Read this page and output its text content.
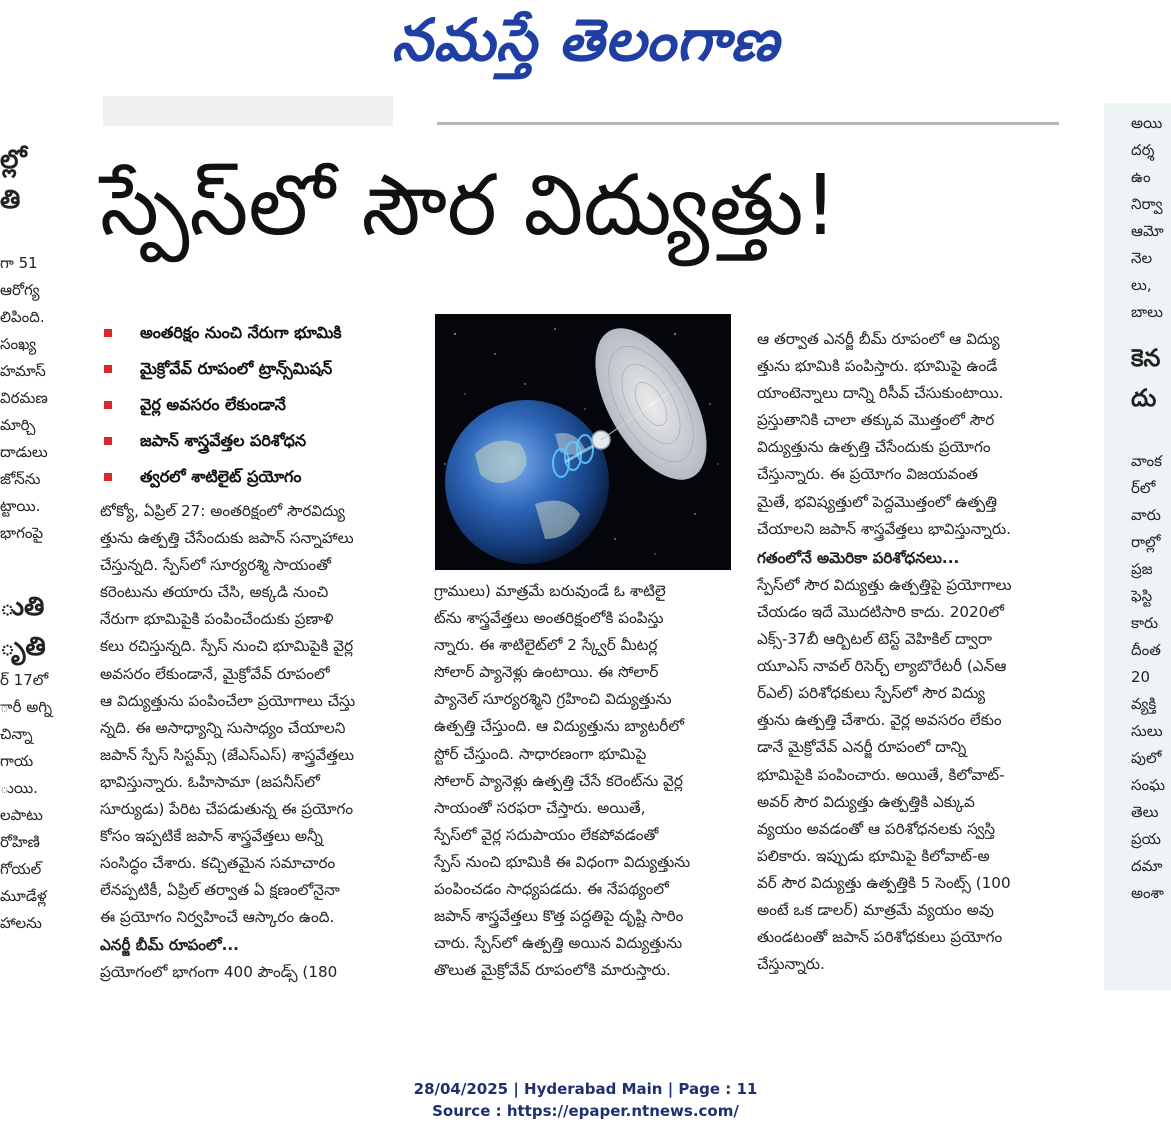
నమస్తే తెలంగాణ
ల్లో
తి
గా 51
ఆరోగ్య
లిపింది.
సంఖ్య
హమాస్
విరమణ
మార్చి
దాడులు
జోన్‌ను
ట్టాయి.
భాగంపై
ుతి
ృతి
ర్ 17లో
ారీ అగ్ని
చిన్నా
గాయ
ుయి.
లపాటు
రోహిణి
గోయల్
మూడేళ్ల
హాలను
అయి
దర్శ
ఉం
నిర్వా
ఆమో
నెల
లు,
బాలు
కెన
దు
వాంక
ర్‌లో
వారు
రాల్లో
ప్రజ
ఫెస్టి
కారు
దీంత
20
వ్యక్తి
సులు
పులో
సంఘ
తెలు
ప్రయ
దమా
అంశా
స్పేస్‌లో సౌర విద్యుత్తు!
అంతరిక్షం నుంచి నేరుగా భూమికి
మైక్రోవేవ్ రూపంలో ట్రాన్స్‌మిషన్
వైర్ల అవసరం లేకుండానే
జపాన్ శాస్త్రవేత్తల పరిశోధన
త్వరలో శాటిలైట్ ప్రయోగం

టోక్యో, ఏప్రిల్ 27: అంతరిక్షంలో సౌరవిద్యు

త్తును ఉత్పత్తి చేసేందుకు జపాన్ సన్నాహాలు

చేస్తున్నది. స్పేస్‌లో సూర్యరశ్మి సాయంతో

కరెంటును తయారు చేసి, అక్కడి నుంచి

నేరుగా భూమిపైకి పంపించేందుకు ప్రణాళి

కలు రచిస్తున్నది. స్పేస్ నుంచి భూమిపైకి వైర్ల

అవసరం లేకుండానే, మైక్రోవేవ్ రూపంలో

ఆ విద్యుత్తును పంపించేలా ప్రయోగాలు చేస్తు

న్నది. ఈ అసాధ్యాన్ని సుసాధ్యం చేయాలని

జపాన్ స్పేస్ సిస్టమ్స్ (జేఎస్ఎస్) శాస్త్రవేత్తలు

భావిస్తున్నారు. ఓహిసామా (జపనీస్‌లో

సూర్యుడు) పేరిట చేపడుతున్న ఈ ప్రయోగం

కోసం ఇప్పటికే జపాన్ శాస్త్రవేత్తలు అన్నీ

సంసిద్ధం చేశారు. కచ్చితమైన సమాచారం

లేనప్పటికీ, ఏప్రిల్ తర్వాత ఏ క్షణంలోనైనా

ఈ ప్రయోగం నిర్వహించే ఆస్కారం ఉంది.

ఎనర్జీ బీమ్ రూపంలో...

ప్రయోగంలో భాగంగా 400 పౌండ్స్ (180

గ్రాములు) మాత్రమే బరువుండే ఓ శాటిలై

ట్‌ను శాస్త్రవేత్తలు అంతరిక్షంలోకి పంపిస్తు

న్నారు. ఈ శాటిలైట్‌లో 2 స్క్వేర్ మీటర్ల

సోలార్ ప్యానెళ్లు ఉంటాయి. ఈ సోలార్

ప్యానెల్ సూర్యరశ్మిని గ్రహించి విద్యుత్తును

ఉత్పత్తి చేస్తుంది. ఆ విద్యుత్తును బ్యాటరీలో

స్టోర్ చేస్తుంది. సాధారణంగా భూమిపై

సోలార్ ప్యానెళ్లు ఉత్పత్తి చేసే కరెంట్‌ను వైర్ల

సాయంతో సరఫరా చేస్తారు. అయితే,

స్పేస్‌లో వైర్ల సదుపాయం లేకపోవడంతో

స్పేస్ నుంచి భూమికి ఈ విధంగా విద్యుత్తును

పంపించడం సాధ్యపడదు. ఈ నేపథ్యంలో

జపాన్ శాస్త్రవేత్తలు కొత్త పద్ధతిపై దృష్టి సారిం

చారు. స్పేస్‌లో ఉత్పత్తి అయిన విద్యుత్తును

తొలుత మైక్రోవేవ్ రూపంలోకి మారుస్తారు.

ఆ తర్వాత ఎనర్జీ బీమ్ రూపంలో ఆ విద్యు

త్తును భూమికి పంపిస్తారు. భూమిపై ఉండే

యాంటెన్నాలు దాన్ని రిసీవ్ చేసుకుంటాయి.

ప్రస్తుతానికి చాలా తక్కువ మొత్తంలో సౌర

విద్యుత్తును ఉత్పత్తి చేసేందుకు ప్రయోగం

చేస్తున్నారు. ఈ ప్రయోగం విజయవంత

మైతే, భవిష్యత్తులో పెద్దమొత్తంలో ఉత్పత్తి

చేయాలని జపాన్ శాస్త్రవేత్తలు భావిస్తున్నారు.

గతంలోనే అమెరికా పరిశోధనలు...

స్పేస్‌లో సౌర విద్యుత్తు ఉత్పత్తిపై ప్రయోగాలు

చేయడం ఇదే మొదటిసారి కాదు. 2020లో

ఎక్స్-37బీ ఆర్బిటల్ టెస్ట్ వెహికిల్ ద్వారా

యూఎస్ నావల్ రిసెర్చ్ ల్యాబొరేటరీ (ఎన్ఆ

ర్ఎల్) పరిశోధకులు స్పేస్‌లో సౌర విద్యు

త్తును ఉత్పత్తి చేశారు. వైర్ల అవసరం లేకుం

డానే మైక్రోవేవ్ ఎనర్జీ రూపంలో దాన్ని

భూమిపైకి పంపించారు. అయితే, కిలోవాట్-

అవర్ సౌర విద్యుత్తు ఉత్పత్తికి ఎక్కువ

వ్యయం అవడంతో ఆ పరిశోధనలకు స్వస్తి

పలికారు. ఇప్పుడు భూమిపై కిలోవాట్-అ

వర్ సౌర విద్యుత్తు ఉత్పత్తికి 5 సెంట్స్ (100

అంటే ఒక డాలర్) మాత్రమే వ్యయం అవు

తుండటంతో జపాన్ పరిశోధకులు ప్రయోగం

చేస్తున్నారు.

28/04/2025 | Hyderabad Main | Page : 11
Source : https://epaper.ntnews.com/
